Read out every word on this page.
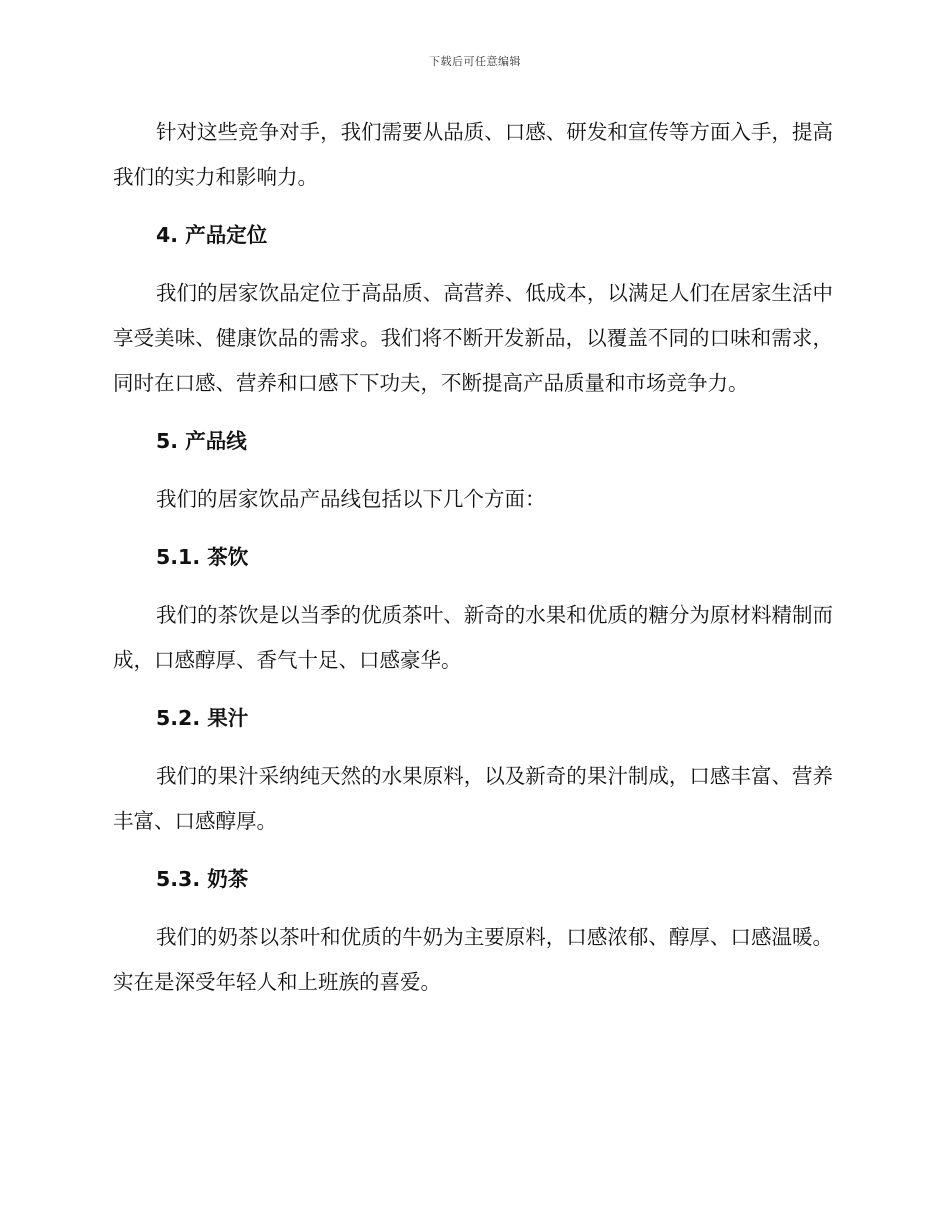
下载后可任意编辑

针对这些竞争对手，我们需要从品质、口感、研发和宣传等方面入手，提高我们的实力和影响力。

4. 产品定位

我们的居家饮品定位于高品质、高营养、低成本，以满足人们在居家生活中享受美味、健康饮品的需求。我们将不断开发新品，以覆盖不同的口味和需求，同时在口感、营养和口感下下功夫，不断提高产品质量和市场竞争力。

5. 产品线

我们的居家饮品产品线包括以下几个方面：

5.1. 茶饮

我们的茶饮是以当季的优质茶叶、新奇的水果和优质的糖分为原材料精制而成，口感醇厚、香气十足、口感豪华。

5.2. 果汁

我们的果汁采纳纯天然的水果原料，以及新奇的果汁制成，口感丰富、营养丰富、口感醇厚。

5.3. 奶茶

我们的奶茶以茶叶和优质的牛奶为主要原料，口感浓郁、醇厚、口感温暖。实在是深受年轻人和上班族的喜爱。
